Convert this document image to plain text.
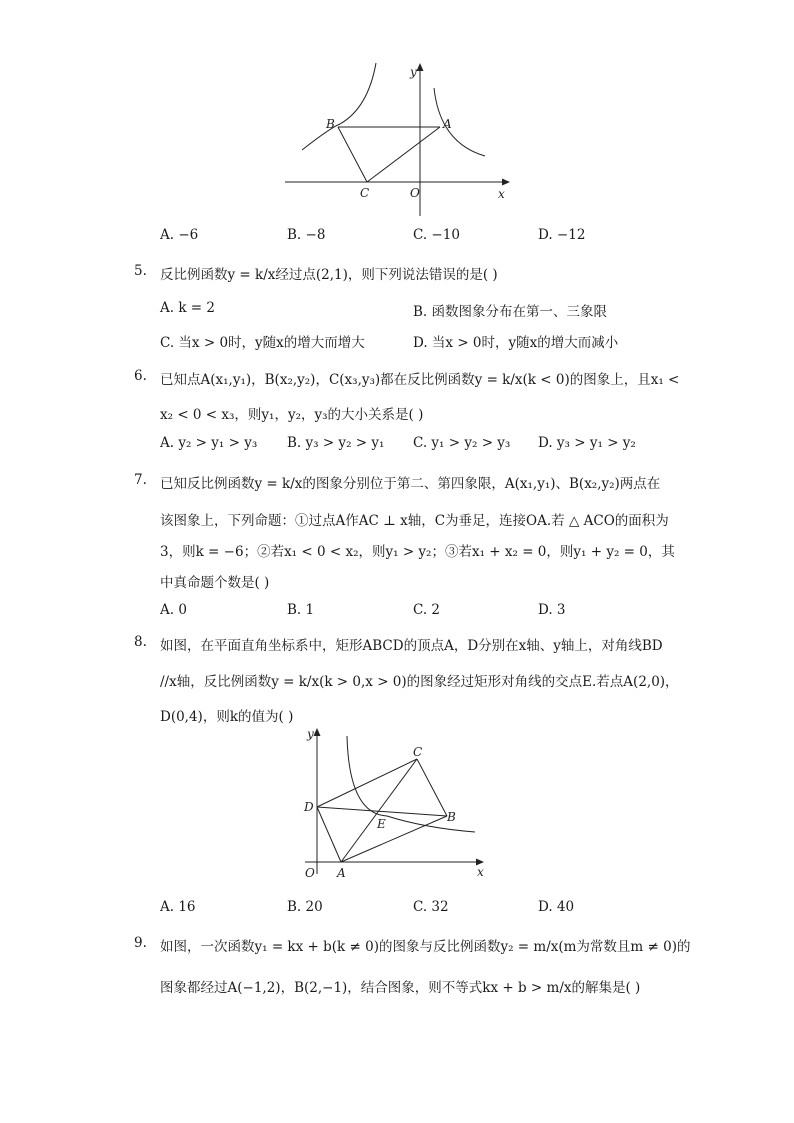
y
x
O
A
B
C
A. −6	B. −8	C. −10	D. −12
5. 反比例函数y = k/x经过点(2,1)，则下列说法错误的是( )
A. k = 2	B. 函数图象分布在第一、三象限
C. 当x > 0时，y随x的增大而增大	D. 当x > 0时，y随x的增大而减小
6. 已知点A(x₁,y₁)，B(x₂,y₂)，C(x₃,y₃)都在反比例函数y = k/x(k < 0)的图象上，且x₁ <
x₂ < 0 < x₃，则y₁，y₂，y₃的大小关系是( )
A. y₂ > y₁ > y₃ B. y₃ > y₂ > y₁ C. y₁ > y₂ > y₃ D. y₃ > y₁ > y₂
7. 已知反比例函数y = k/x的图象分别位于第二、第四象限，A(x₁,y₁)、B(x₂,y₂)两点在
该图象上，下列命题：①过点A作AC ⊥ x轴，C为垂足，连接OA.若 △ ACO的面积为
3，则k = −6；②若x₁ < 0 < x₂，则y₁ > y₂；③若x₁ + x₂ = 0，则y₁ + y₂ = 0，其
中真命题个数是( )
A. 0	B. 1	C. 2	D. 3
8. 如图，在平面直角坐标系中，矩形ABCD的顶点A，D分别在x轴、y轴上，对角线BD
//x轴，反比例函数y = k/x(k > 0,x > 0)的图象经过矩形对角线的交点E.若点A(2,0)，
D(0,4)，则k的值为( )
y
x
O A
B
C
D
E
A. 16	B. 20	C. 32	D. 40
9. 如图，一次函数y₁ = kx + b(k ≠ 0)的图象与反比例函数y₂ = m/x(m为常数且m ≠ 0)的
图象都经过A(−1,2)，B(2,−1)，结合图象，则不等式kx + b > m/x的解集是( )
